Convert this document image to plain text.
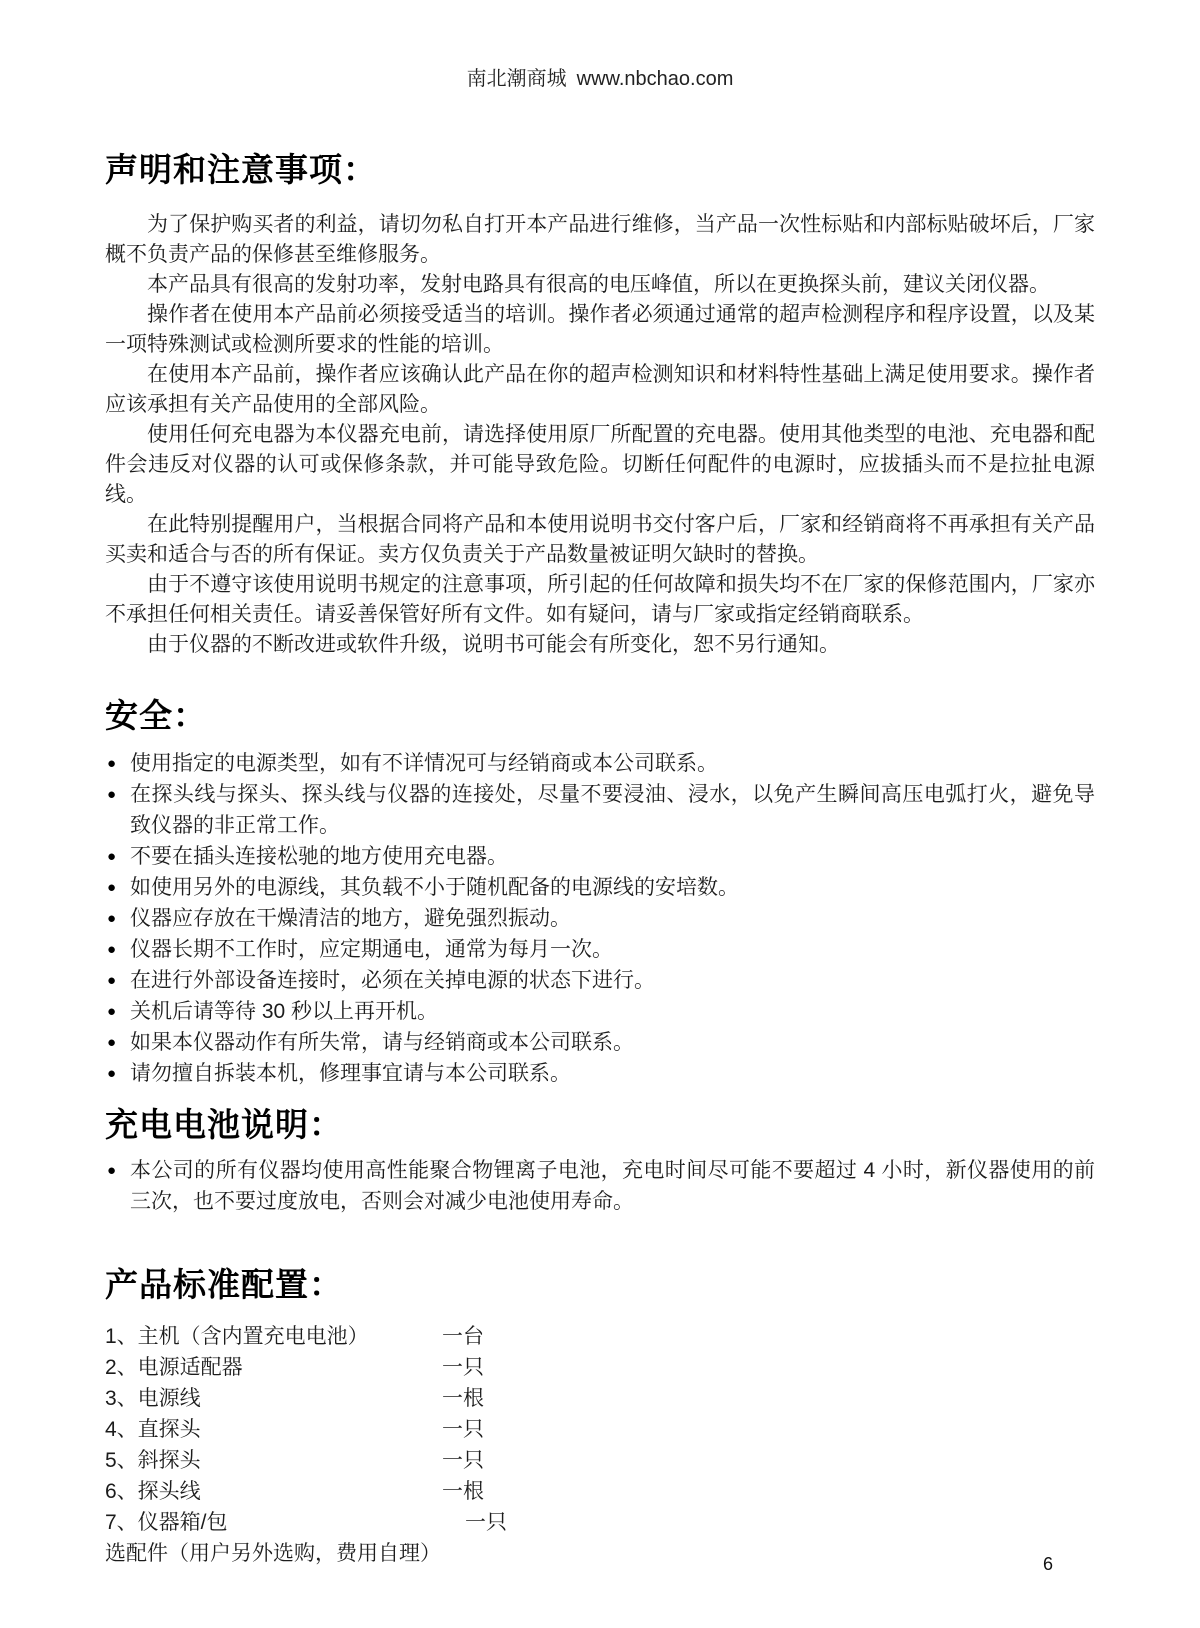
南北潮商城 www.nbchao.com
声明和注意事项：

为了保护购买者的利益，请切勿私自打开本产品进行维修，当产品一次性标贴和内部标贴破坏后，厂家概不负责产品的保修甚至维修服务。

本产品具有很高的发射功率，发射电路具有很高的电压峰值，所以在更换探头前，建议关闭仪器。

操作者在使用本产品前必须接受适当的培训。操作者必须通过通常的超声检测程序和程序设置，以及某一项特殊测试或检测所要求的性能的培训。

在使用本产品前，操作者应该确认此产品在你的超声检测知识和材料特性基础上满足使用要求。操作者应该承担有关产品使用的全部风险。

使用任何充电器为本仪器充电前，请选择使用原厂所配置的充电器。使用其他类型的电池、充电器和配件会违反对仪器的认可或保修条款，并可能导致危险。切断任何配件的电源时，应拔插头而不是拉扯电源线。

在此特别提醒用户，当根据合同将产品和本使用说明书交付客户后，厂家和经销商将不再承担有关产品买卖和适合与否的所有保证。卖方仅负责关于产品数量被证明欠缺时的替换。

由于不遵守该使用说明书规定的注意事项，所引起的任何故障和损失均不在厂家的保修范围内，厂家亦不承担任何相关责任。请妥善保管好所有文件。如有疑问，请与厂家或指定经销商联系。

由于仪器的不断改进或软件升级，说明书可能会有所变化，恕不另行通知。

安全：
● 使用指定的电源类型，如有不详情况可与经销商或本公司联系。
● 在探头线与探头、探头线与仪器的连接处，尽量不要浸油、浸水，以免产生瞬间高压电弧打火，避免导致仪器的非正常工作。
● 不要在插头连接松驰的地方使用充电器。
● 如使用另外的电源线，其负载不小于随机配备的电源线的安培数。
● 仪器应存放在干燥清洁的地方，避免强烈振动。
● 仪器长期不工作时，应定期通电，通常为每月一次。
● 在进行外部设备连接时，必须在关掉电源的状态下进行。
● 关机后请等待 30 秒以上再开机。
● 如果本仪器动作有所失常，请与经销商或本公司联系。
● 请勿擅自拆装本机，修理事宜请与本公司联系。
充电电池说明：
● 本公司的所有仪器均使用高性能聚合物锂离子电池，充电时间尽可能不要超过 4 小时，新仪器使用的前三次，也不要过度放电，否则会对减少电池使用寿命。
产品标准配置：
1、主机（含内置充电电池）	一台
2、电源适配器	一只
3、电源线	一根
4、直探头	一只
5、斜探头	一只
6、探头线	一根
7、仪器箱/包	一只
选配件（用户另外选购，费用自理）	6
